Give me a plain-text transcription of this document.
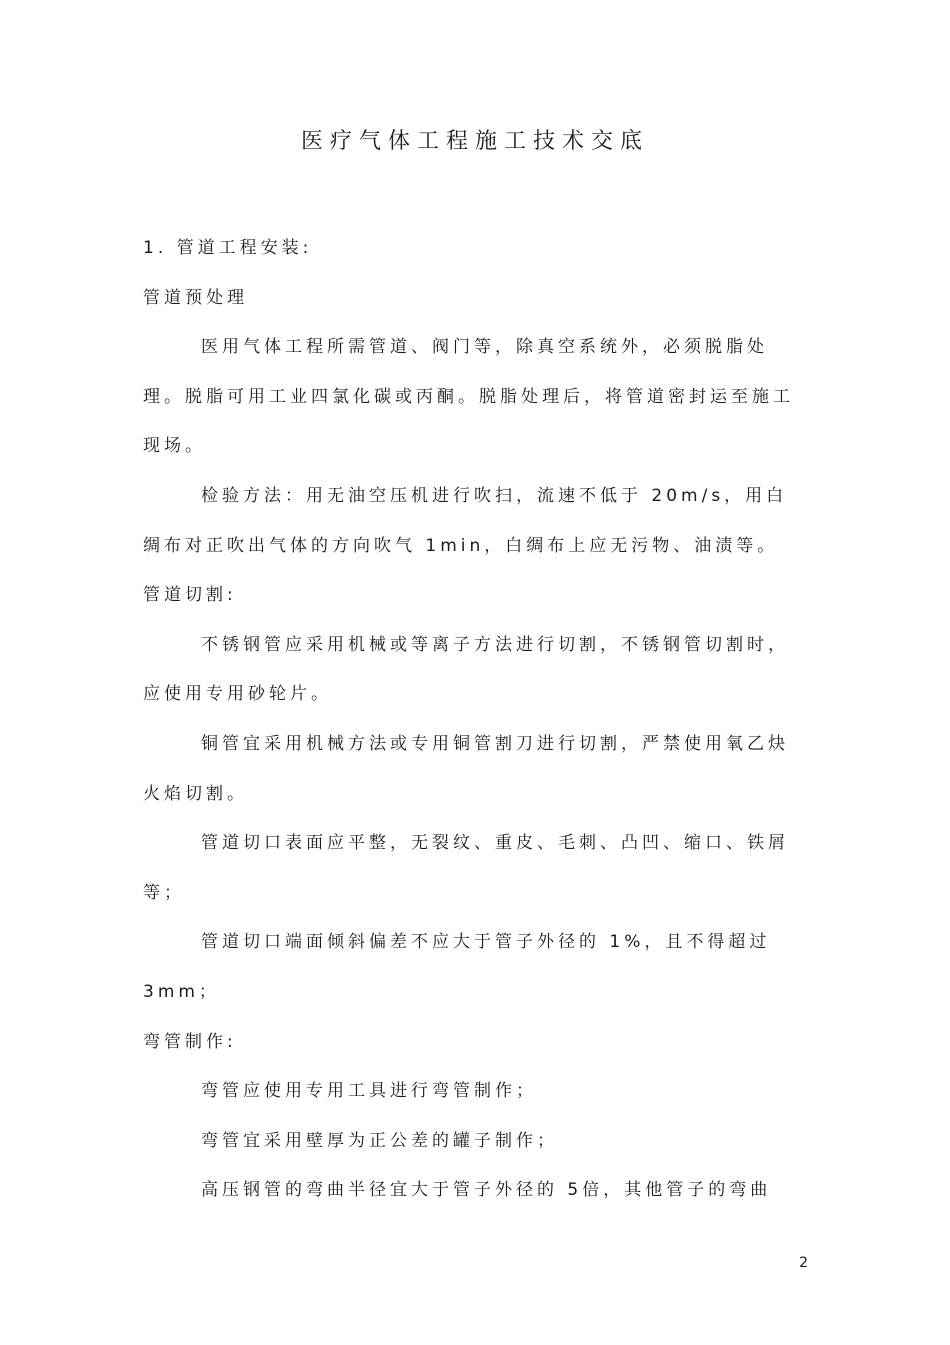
医疗气体工程施工技术交底

1. 管道工程安装:

管道预处理

医用气体工程所需管道、阀门等，除真空系统外，必须脱脂处理。脱脂可用工业四氯化碳或丙酮。脱脂处理后，将管道密封运至施工现场。

检验方法：用无油空压机进行吹扫，流速不低于 20m/s，用白绸布对正吹出气体的方向吹气 1min，白绸布上应无污物、油渍等。

管道切割:

不锈钢管应采用机械或等离子方法进行切割，不锈钢管切割时，应使用专用砂轮片。

铜管宜采用机械方法或专用铜管割刀进行切割，严禁使用氧乙炔火焰切割。

管道切口表面应平整，无裂纹、重皮、毛刺、凸凹、缩口、铁屑等；

管道切口端面倾斜偏差不应大于管子外径的 1%，且不得超过3mm；

弯管制作:

弯管应使用专用工具进行弯管制作；

弯管宜采用壁厚为正公差的罐子制作；

高压钢管的弯曲半径宜大于管子外径的 5倍，其他管子的弯曲

2
